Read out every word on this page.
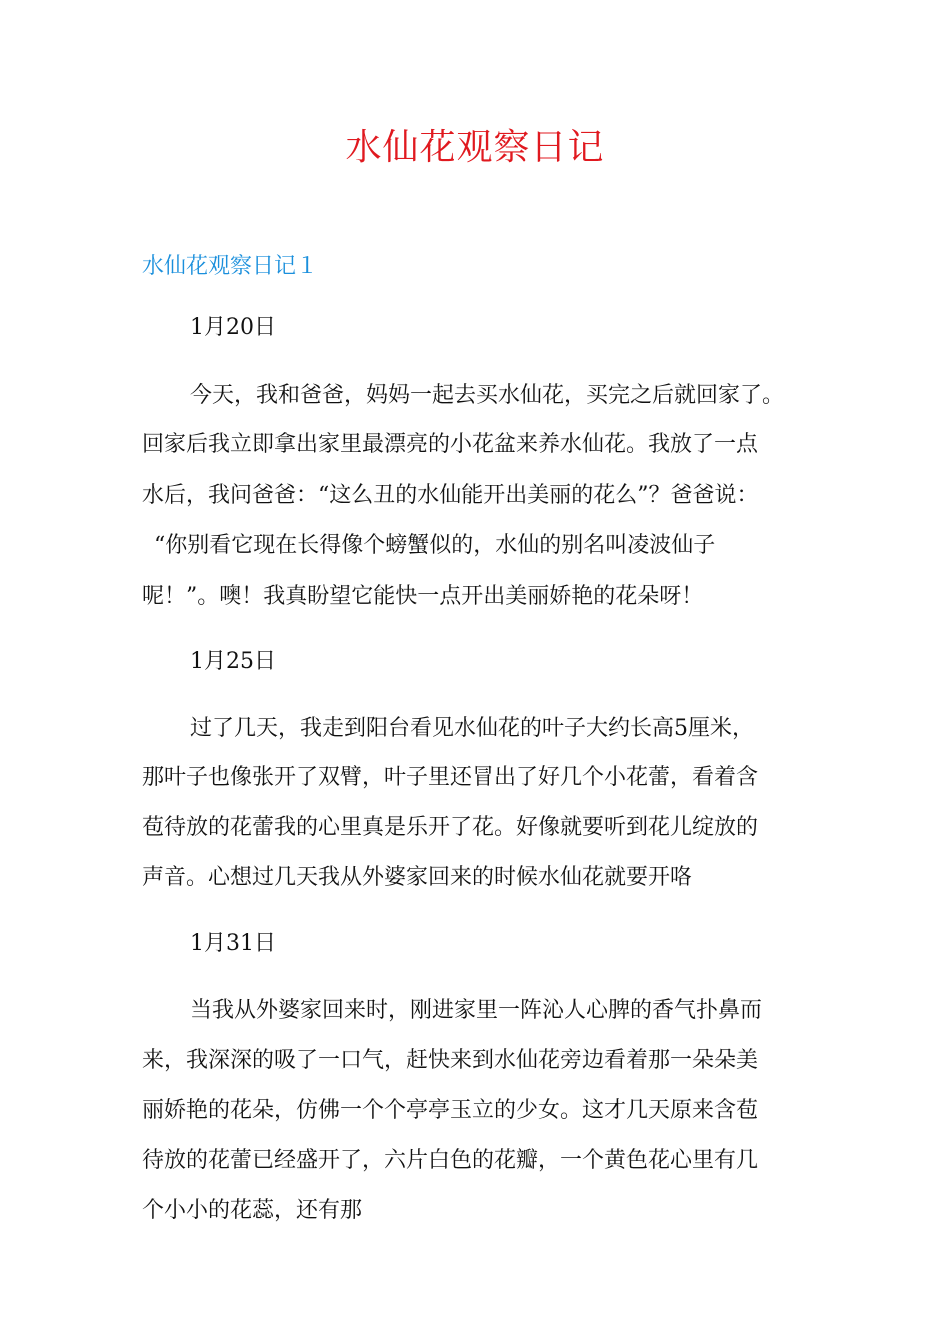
水仙花观察日记
水仙花观察日记１
1月20日
今天，我和爸爸，妈妈一起去买水仙花，买完之后就回家了。
回家后我立即拿出家里最漂亮的小花盆来养水仙花。我放了一点
水后，我问爸爸：“这么丑的水仙能开出美丽的花么”？爸爸说：
“你别看它现在长得像个螃蟹似的，水仙的别名叫凌波仙子
呢！”。噢！我真盼望它能快一点开出美丽娇艳的花朵呀！
1月25日
过了几天，我走到阳台看见水仙花的叶子大约长高5厘米，
那叶子也像张开了双臂，叶子里还冒出了好几个小花蕾，看着含
苞待放的花蕾我的心里真是乐开了花。好像就要听到花儿绽放的
声音。心想过几天我从外婆家回来的时候水仙花就要开咯
1月31日
当我从外婆家回来时，刚进家里一阵沁人心脾的香气扑鼻而
来，我深深的吸了一口气，赶快来到水仙花旁边看着那一朵朵美
丽娇艳的花朵，仿佛一个个亭亭玉立的少女。这才几天原来含苞
待放的花蕾已经盛开了，六片白色的花瓣，一个黄色花心里有几
个小小的花蕊，还有那
